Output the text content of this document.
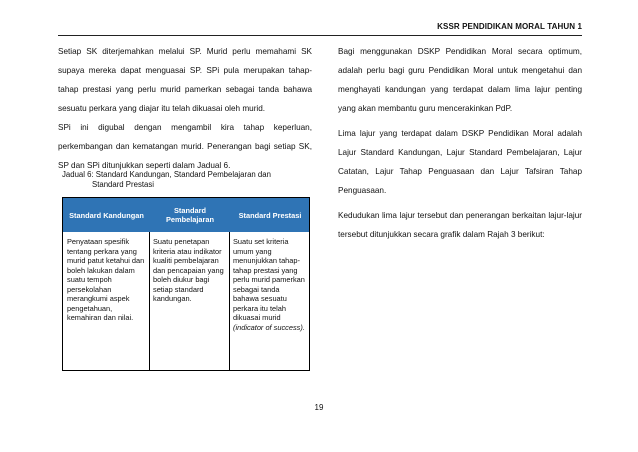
KSSR PENDIDIKAN MORAL TAHUN 1

Setiap SK diterjemahkan melalui SP. Murid perlu memahami SK supaya mereka dapat menguasai SP. SPi pula merupakan tahap-tahap prestasi yang perlu murid pamerkan sebagai tanda bahawa sesuatu perkara yang diajar itu telah dikuasai oleh murid.

SPi ini digubal dengan mengambil kira tahap keperluan, perkembangan dan kematangan murid. Penerangan bagi setiap SK, SP dan SPi ditunjukkan seperti dalam Jadual 6.

Jadual 6: Standard Kandungan, Standard Pembelajaran dan
Standard Prestasi
Standard Kandungan	Standard Pembelajaran	Standard Prestasi
Penyataan spesifik tentang perkara yang murid patut ketahui dan boleh lakukan dalam suatu tempoh persekolahan merangkumi aspek pengetahuan, kemahiran dan nilai.
Suatu penetapan kriteria atau indikator kualiti pembelajaran dan pencapaian yang boleh diukur bagi setiap standard kandungan.
Suatu set kriteria umum yang menunjukkan tahap-tahap prestasi yang perlu murid pamerkan sebagai tanda bahawa sesuatu perkara itu telah dikuasai murid (indicator of success).

Bagi menggunakan DSKP Pendidikan Moral secara optimum, adalah perlu bagi guru Pendidikan Moral untuk mengetahui dan menghayati kandungan yang terdapat dalam lima lajur penting yang akan membantu guru mencerakinkan PdP.

Lima lajur yang terdapat dalam DSKP Pendidikan Moral adalah Lajur Standard Kandungan, Lajur Standard Pembelajaran, Lajur Catatan, Lajur Tahap Penguasaan dan Lajur Tafsiran Tahap Penguasaan.

Kedudukan lima lajur tersebut dan penerangan berkaitan lajur-lajur tersebut ditunjukkan secara grafik dalam Rajah 3 berikut:

19
